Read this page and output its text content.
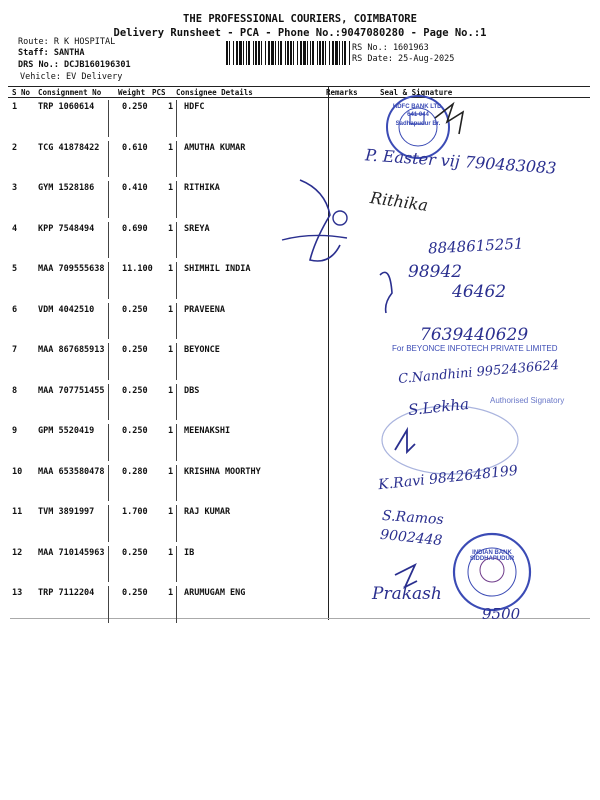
THE PROFESSIONAL COURIERS, COIMBATORE
Delivery Runsheet - PCA - Phone No.:9047080280 - Page No.:1
Route: R K HOSPITAL
Staff: SANTHA
DRS No.: DCJB160196301
Vehicle: EV Delivery
RS No.: 1601963
RS Date: 25-Aug-2025
S No Consignment No Weight PCS Consignee Details	Remarks	Seal & Signature
1 TRP 1060614	0.250 1 HDFC
2 TCG 41878422	0.610 1 AMUTHA KUMAR
3 GYM 1528186	0.410 1 RITHIKA
4 KPP 7548494	0.690 1 SREYA
5 MAA 709555638 11.100 1 SHIMHIL INDIA
6 VDM 4042510	0.250 1 PRAVEENA
7 MAA 867685913 0.250 1 BEYONCE
8 MAA 707751455 0.250 1 DBS
9 GPM 5520419	0.250 1 MEENAKSHI
10 MAA 653580478 0.280 1 KRISHNA MOORTHY
11 TVM 3891997	1.700 1 RAJ KUMAR
12 MAA 710145963 0.250 1 IB
13 TRP 7112204	0.250 1 ARUMUGAM ENG
HDFC BANK LTD. 641 044 Sadhapudur Br.
For BEYONCE INFOTECH PRIVATE LIMITED
Authorised Signatory
INDIAN BANK SIDDHAPUDUR
P. Easter vij 790483083
Rithika
8848615251
98942
46462
7639440629
C.Nandhini 9952436624
S.Lekha
K.Ravi 9842648199
S.Ramos
9002448
Prakash
9500
